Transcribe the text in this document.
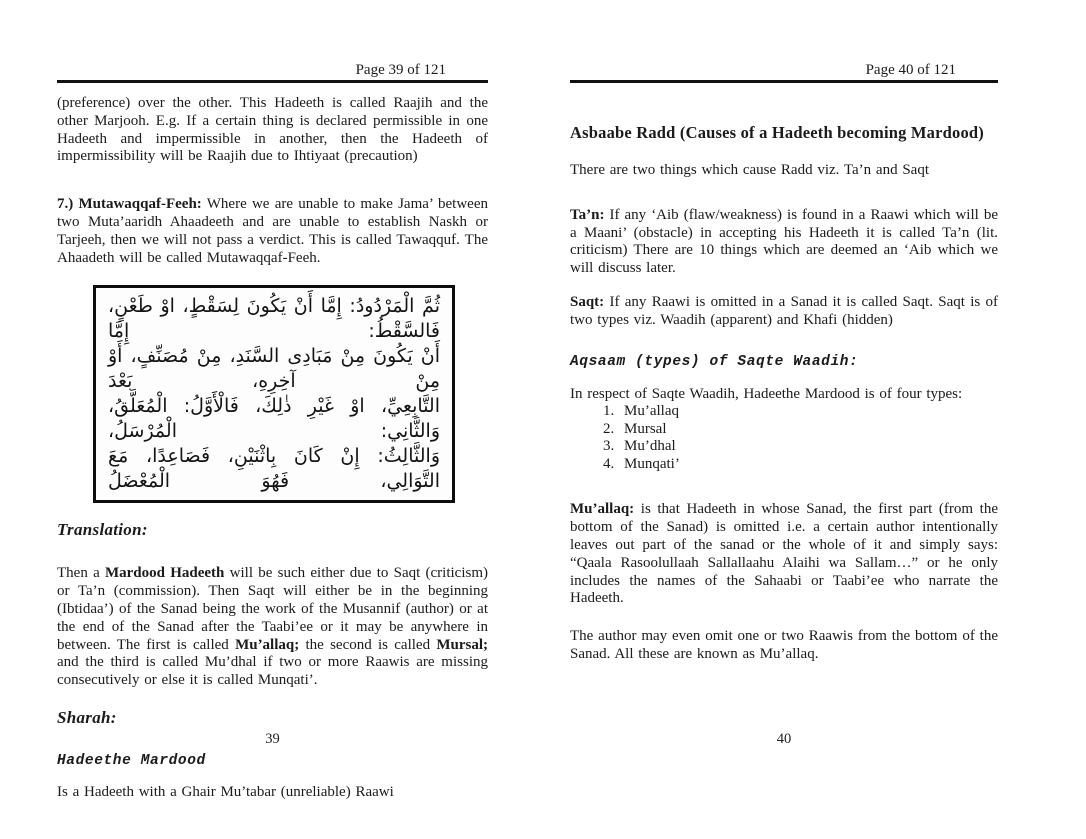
Page 39 of 121

(preference) over the other. This Hadeeth is called Raajih and the other Marjooh. E.g. If a certain thing is declared permissible in one Hadeeth and impermissible in another, then the Hadeeth of impermissibility will be Raajih due to Ihtiyaat (precaution)

7.) Mutawaqqaf-Feeh: Where we are unable to make Jama’ between two Muta’aaridh Ahaadeeth and are unable to establish Naskh or Tarjeeh, then we will not pass a verdict. This is called Tawaqquf. The Ahaadeth will be called Mutawaqqaf-Feeh.

ثُمَّ الْمَرْدُودُ: إِمَّا أَنْ يَكُونَ لِسَقْطٍ، اوْ طَعْنٍ، فَالسَّقْطُ: إِمَّا
أَنْ يَكُونَ مِنْ مَبَادِى السَّنَدِ، مِنْ مُصَنِّفٍ، أَوْ مِنْ آخِرِهِ، بَعْدَ
التَّابِعِيِّ، اوْ غَيْرِ ذٰلِكَ، فَالْأَوَّلُ: الْمُعَلَّقُ، وَالثَّانِي: الْمُرْسَلُ،
وَالثَّالِثُ: إِنْ كَانَ بِاثْنَيْنِ، فَصَاعِدًا، مَعَ التَّوَالِي، فَهُوَ الْمُعْضَلُ
Translation:

Then a Mardood Hadeeth will be such either due to Saqt (criticism) or Ta’n (commission). Then Saqt will either be in the beginning (Ibtidaa’) of the Sanad being the work of the Musannif (author) or at the end of the Sanad after the Taabi’ee or it may be anywhere in between. The first is called Mu’allaq; the second is called Mursal; and the third is called Mu’dhal if two or more Raawis are missing consecutively or else it is called Munqati’.

Sharah:
Hadeethe Mardood

Is a Hadeeth with a Ghair Mu’tabar (unreliable) Raawi

39
Page 40 of 121
Asbaabe Radd (Causes of a Hadeeth becoming Mardood)

There are two things which cause Radd viz. Ta’n and Saqt

Ta’n: If any ‘Aib (flaw/weakness) is found in a Raawi which will be a Maani’ (obstacle) in accepting his Hadeeth it is called Ta’n (lit. criticism) There are 10 things which are deemed an ‘Aib which we will discuss later.

Saqt: If any Raawi is omitted in a Sanad it is called Saqt. Saqt is of two types viz. Waadih (apparent) and Khafi (hidden)

Aqsaam (types) of Saqte Waadih:

In respect of Saqte Waadih, Hadeethe Mardood is of four types:

1. Mu’allaq
2. Mursal
3. Mu’dhal
4. Munqati’

Mu’allaq: is that Hadeeth in whose Sanad, the first part (from the bottom of the Sanad) is omitted i.e. a certain author intentionally leaves out part of the sanad or the whole of it and simply says: “Qaala Rasoolullaah Sallallaahu Alaihi wa Sallam…” or he only includes the names of the Sahaabi or Taabi’ee who narrate the Hadeeth.

The author may even omit one or two Raawis from the bottom of the Sanad. All these are known as Mu’allaq.

40
